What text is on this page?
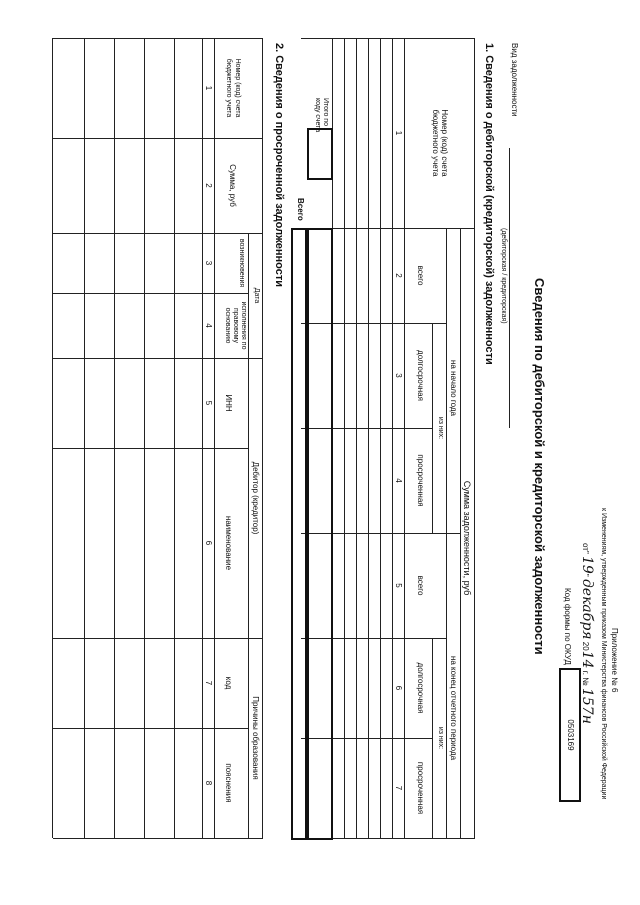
Приложение № 6
к Изменениям, утвержденным приказом Министерства финансов Российской Федерации
от" 19" декабря 2014 г. № 157н
Код формы по ОКУД
0503169
Сведения по дебиторской и кредиторской задолженности
Вид задолженности
(дебиторская / кредиторская)
1. Сведения о дебиторской (кредиторской) задолженности
Номер (код) счета бюджетного учета
Сумма задолженности, руб
на начало года
на конец отчетного периода
всего
из них:
долгосрочная
просроченная
всего
из них:
долгосрочная
просроченная
1
2
3
4
5
6
7
Итого по коду счета
Всего
2. Сведения о просроченной задолженности
Номер (код) счета бюджетного учета
Сумма, руб
Дата
возникновения
исполнения по правовому основанию
Дебитор (кредитор)
ИНН
наименование
Причины образования
код
пояснения
1
2
3
4
5
6
7
8
